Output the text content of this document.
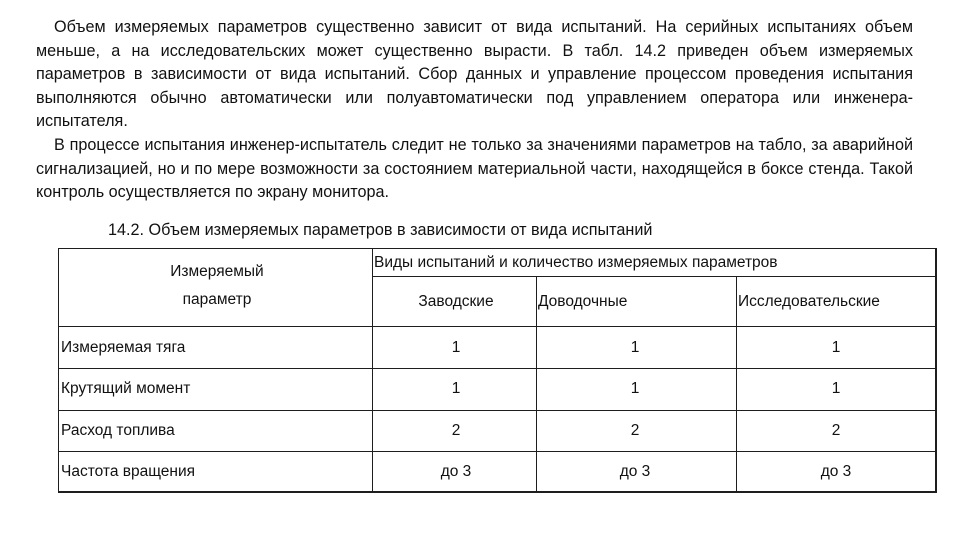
Объем измеряемых параметров существенно зависит от вида испытаний. На серийных испытаниях объем меньше, а на исследовательских может существенно вырасти. В табл. 14.2 приведен объем измеряемых параметров в зависимости от вида испытаний. Сбор данных и управление процессом проведения испытания выполняются обычно автоматически или полуавтоматически под управлением оператора или инженера-испытателя.

В процессе испытания инженер-испытатель следит не только за значениями параметров на табло, за аварийной сигнализацией, но и по мере возможности за состоянием материальной части, находящейся в боксе стенда. Такой контроль осуществляется по экрану монитора.

14.2. Объем измеряемых параметров в зависимости от вида испытаний
Измеряемый
параметр
Виды испытаний и количество измеряемых параметров
Заводские	Доводочные	Исследовательские
Измеряемая тяга	1	1	1
Крутящий момент	1	1	1
Расход топлива	2	2	2
Частота вращения	до 3	до 3	до 3
